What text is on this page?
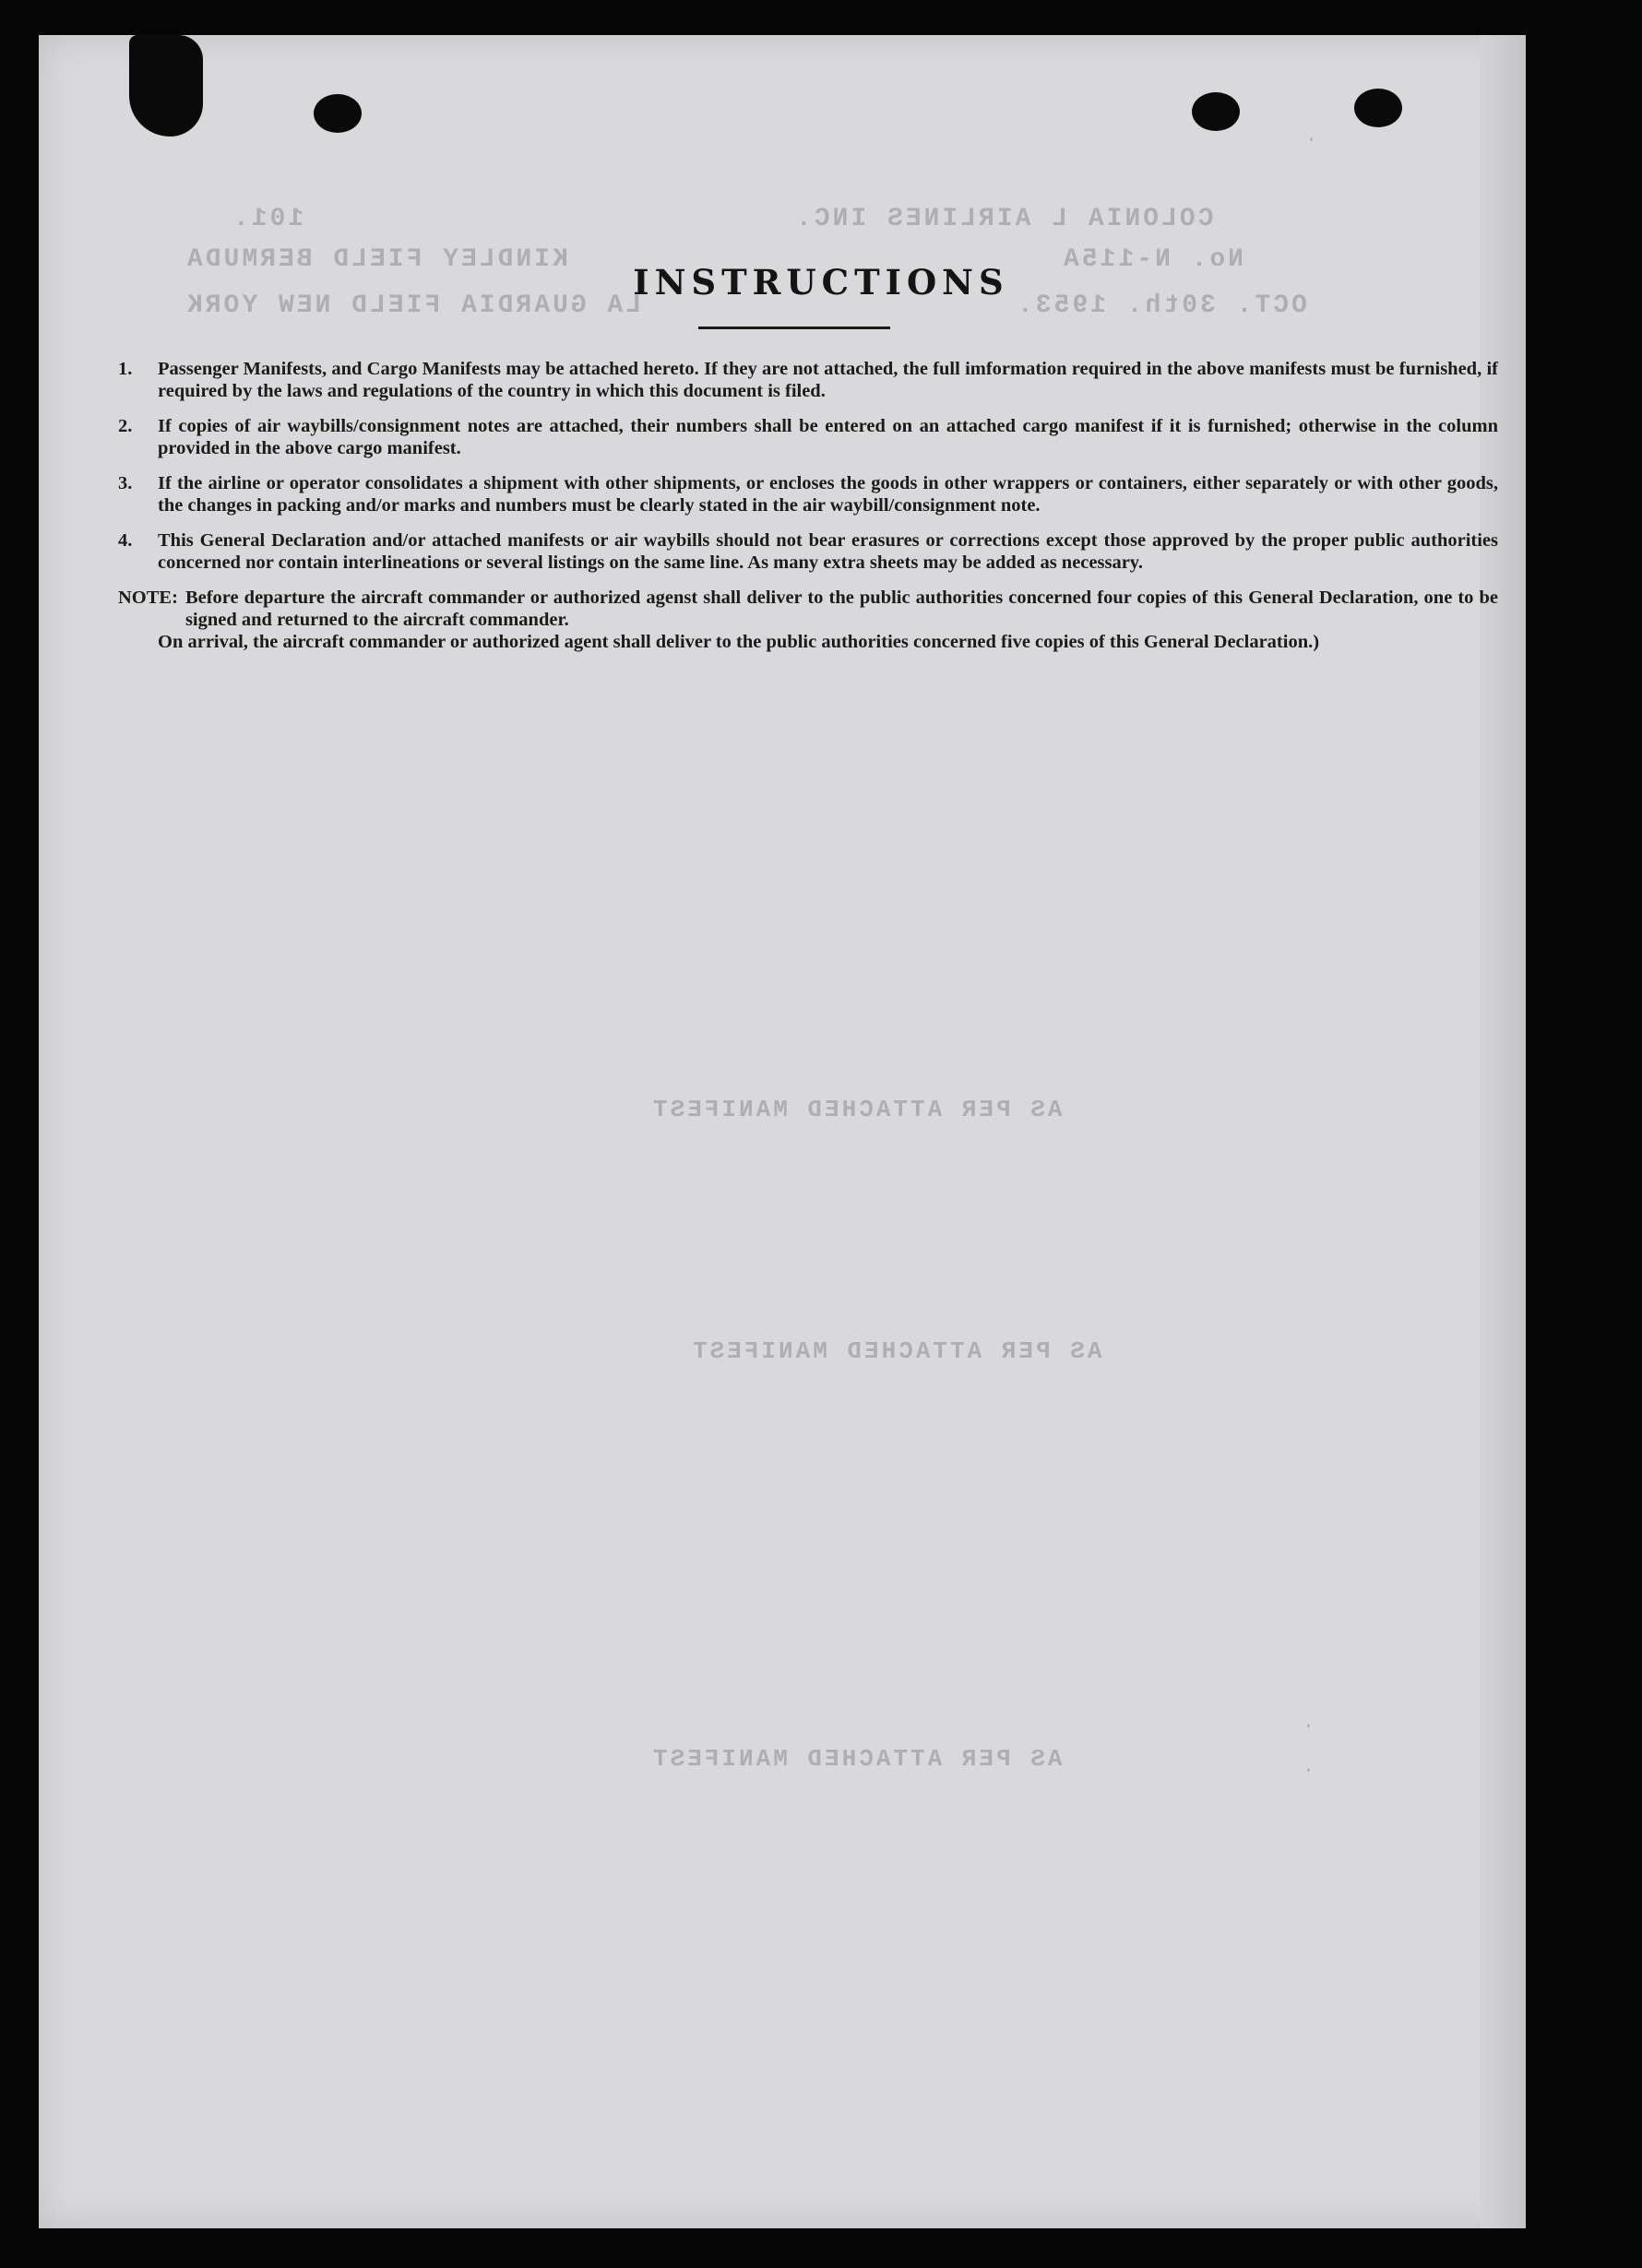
COLONIA L AIRLINES INC.
101.
No. N-115A
KINDLEY FIELD BERMUDA
OCT. 30th. 1953.
LA GUARDIA FIELD NEW YORK
AS PER ATTACHED MANIFEST
AS PER ATTACHED MANIFEST
AS PER ATTACHED MANIFEST
·
·
·
INSTRUCTIONS
1.	Passenger Manifests, and Cargo Manifests may be attached hereto. If they are not attached, the full imformation required in the above manifests must be furnished, if required by the laws and regulations of the country in which this document is filed.
2.	If copies of air waybills/consignment notes are attached, their numbers shall be entered on an attached cargo manifest if it is furnished; otherwise in the column provided in the above cargo manifest.
3.	If the airline or operator consolidates a shipment with other shipments, or encloses the goods in other wrappers or containers, either separately or with other goods, the changes in packing and/or marks and numbers must be clearly stated in the air waybill/consignment note.
4.	This General Declaration and/or attached manifests or air waybills should not bear erasures or corrections except those approved by the proper public authorities concerned nor contain interlineations or several listings on the same line. As many extra sheets may be added as necessary.
NOTE: Before departure the aircraft commander or authorized agenst shall deliver to the public authorities concerned four copies of this General Declaration, one to be signed and returned to the aircraft commander.
On arrival, the aircraft commander or authorized agent shall deliver to the public authorities concerned five copies of this General Declaration.)
